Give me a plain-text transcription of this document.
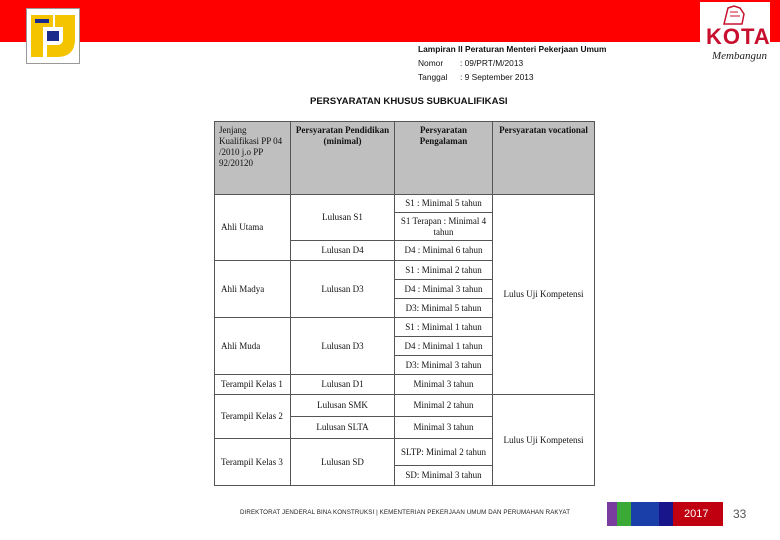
KOTA
Membangun
Lampiran II Peraturan Menteri Pekerjaan Umum
Nomor : 09/PRT/M/2013
Tanggal : 9 September 2013
PERSYARATAN KHUSUS SUBKUALIFIKASI
Jenjang Kualifikasi PP 04 /2010 j.o PP 92/20120	Persyaratan Pendidikan (minimal)	Persyaratan Pengalaman	Persyaratan vocational
Ahli Utama	Lulusan S1	S1 : Minimal 5 tahun	Lulus Uji Kompetensi
		S1 Terapan : Minimal 4 tahun	
	Lulusan D4	D4 : Minimal 6 tahun	
Ahli Madya	Lulusan D3	S1 : Minimal 2 tahun	
		D4 : Minimal 3 tahun	
		D3: Minimal 5 tahun	
Ahli Muda	Lulusan D3	S1 : Minimal 1 tahun	
		D4 : Minimal 1 tahun	
		D3: Minimal 3 tahun	
Terampil Kelas 1	Lulusan D1	Minimal 3 tahun	
Terampil Kelas 2	Lulusan SMK	Minimal 2 tahun	Lulus Uji Kompetensi
	Lulusan SLTA	Minimal 3 tahun	
Terampil Kelas 3	Lulusan SD	SLTP: Minimal 2 tahun	
		SD: Minimal 3 tahun	
DIREKTORAT JENDERAL BINA KONSTRUKSI | KEMENTERIAN PEKERJAAN UMUM DAN PERUMAHAN RAKYAT	2017 33
